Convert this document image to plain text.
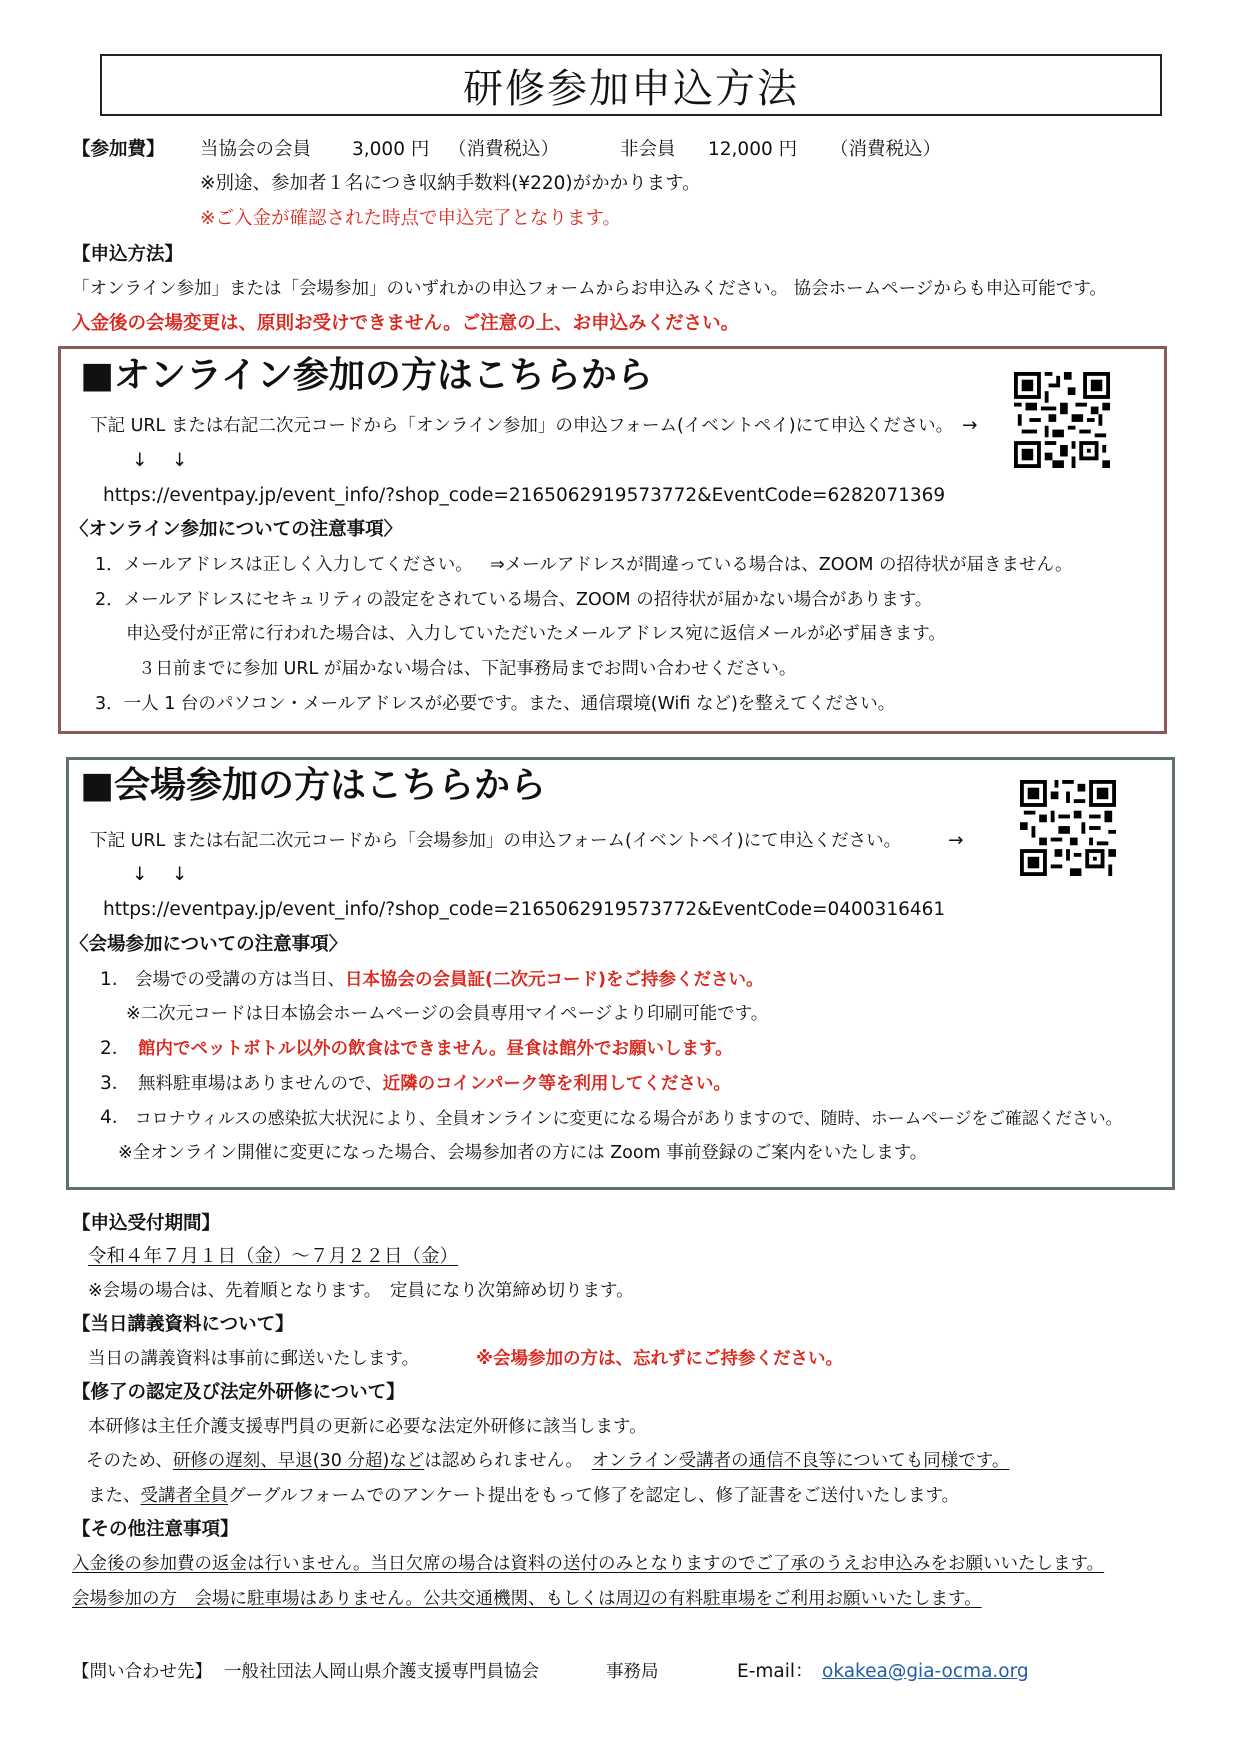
研修参加申込方法
【参加費】 当協会の会員 3,000 円 （消費税込）	非会員 12,000 円 （消費税込）
※別途、参加者１名につき収納手数料(¥220)がかかります。
※ご入金が確認された時点で申込完了となります。
【申込方法】
「オンライン参加」または「会場参加」のいずれかの申込フォームからお申込みください。 協会ホームページからも申込可能です。
入金後の会場変更は、原則お受けできません。ご注意の上、お申込みください。
■オンライン参加の方はこちらから
下記 URL または右記二次元コードから「オンライン参加」の申込フォーム(イベントペイ)にて申込ください。 →
↓　 ↓
https://eventpay.jp/event_info/?shop_code=2165062919573772&EventCode=6282071369
〈オンライン参加についての注意事項〉
1．メールアドレスは正しく入力してください。 ⇒メールアドレスが間違っている場合は、ZOOM の招待状が届きません。
2．メールアドレスにセキュリティの設定をされている場合、ZOOM の招待状が届かない場合があります。
申込受付が正常に行われた場合は、入力していただいたメールアドレス宛に返信メールが必ず届きます。
３日前までに参加 URL が届かない場合は、下記事務局までお問い合わせください。
3．一人 1 台のパソコン・メールアドレスが必要です。また、通信環境(Wifi など)を整えてください。
■会場参加の方はこちらから
下記 URL または右記二次元コードから「会場参加」の申込フォーム(イベントペイ)にて申込ください。	→
↓　 ↓
https://eventpay.jp/event_info/?shop_code=2165062919573772&EventCode=0400316461
〈会場参加についての注意事項〉
1. 会場での受講の方は当日、日本協会の会員証(二次元コード)をご持参ください。
※二次元コードは日本協会ホームページの会員専用マイページより印刷可能です。
2． 館内でペットボトル以外の飲食はできません。昼食は館外でお願いします。
3． 無料駐車場はありませんので、近隣のコインパーク等を利用してください。
4. コロナウィルスの感染拡大状況により、全員オンラインに変更になる場合がありますので、随時、ホームページをご確認ください。
※全オンライン開催に変更になった場合、会場参加者の方には Zoom 事前登録のご案内をいたします。
【申込受付期間】
令和４年７月１日（金）～７月２２日（金）
※会場の場合は、先着順となります。　定員になり次第締め切ります。
【当日講義資料について】
当日の講義資料は事前に郵送いたします。	※会場参加の方は、忘れずにご持参ください。
【修了の認定及び法定外研修について】
本研修は主任介護支援専門員の更新に必要な法定外研修に該当します。
そのため、研修の遅刻、早退(30 分超)などは認められません。　 オンライン受講者の通信不良等についても同様です。
また、受講者全員グーグルフォームでのアンケート提出をもって修了を認定し、修了証書をご送付いたします。
【その他注意事項】
入金後の参加費の返金は行いません。当日欠席の場合は資料の送付のみとなりますのでご了承のうえお申込みをお願いいたします。
会場参加の方　会場に駐車場はありません。公共交通機関、もしくは周辺の有料駐車場をご利用お願いいたします。
【問い合わせ先】 一般社団法人岡山県介護支援専門員協会	事務局	E-mail： okakea@gia-ocma.org
